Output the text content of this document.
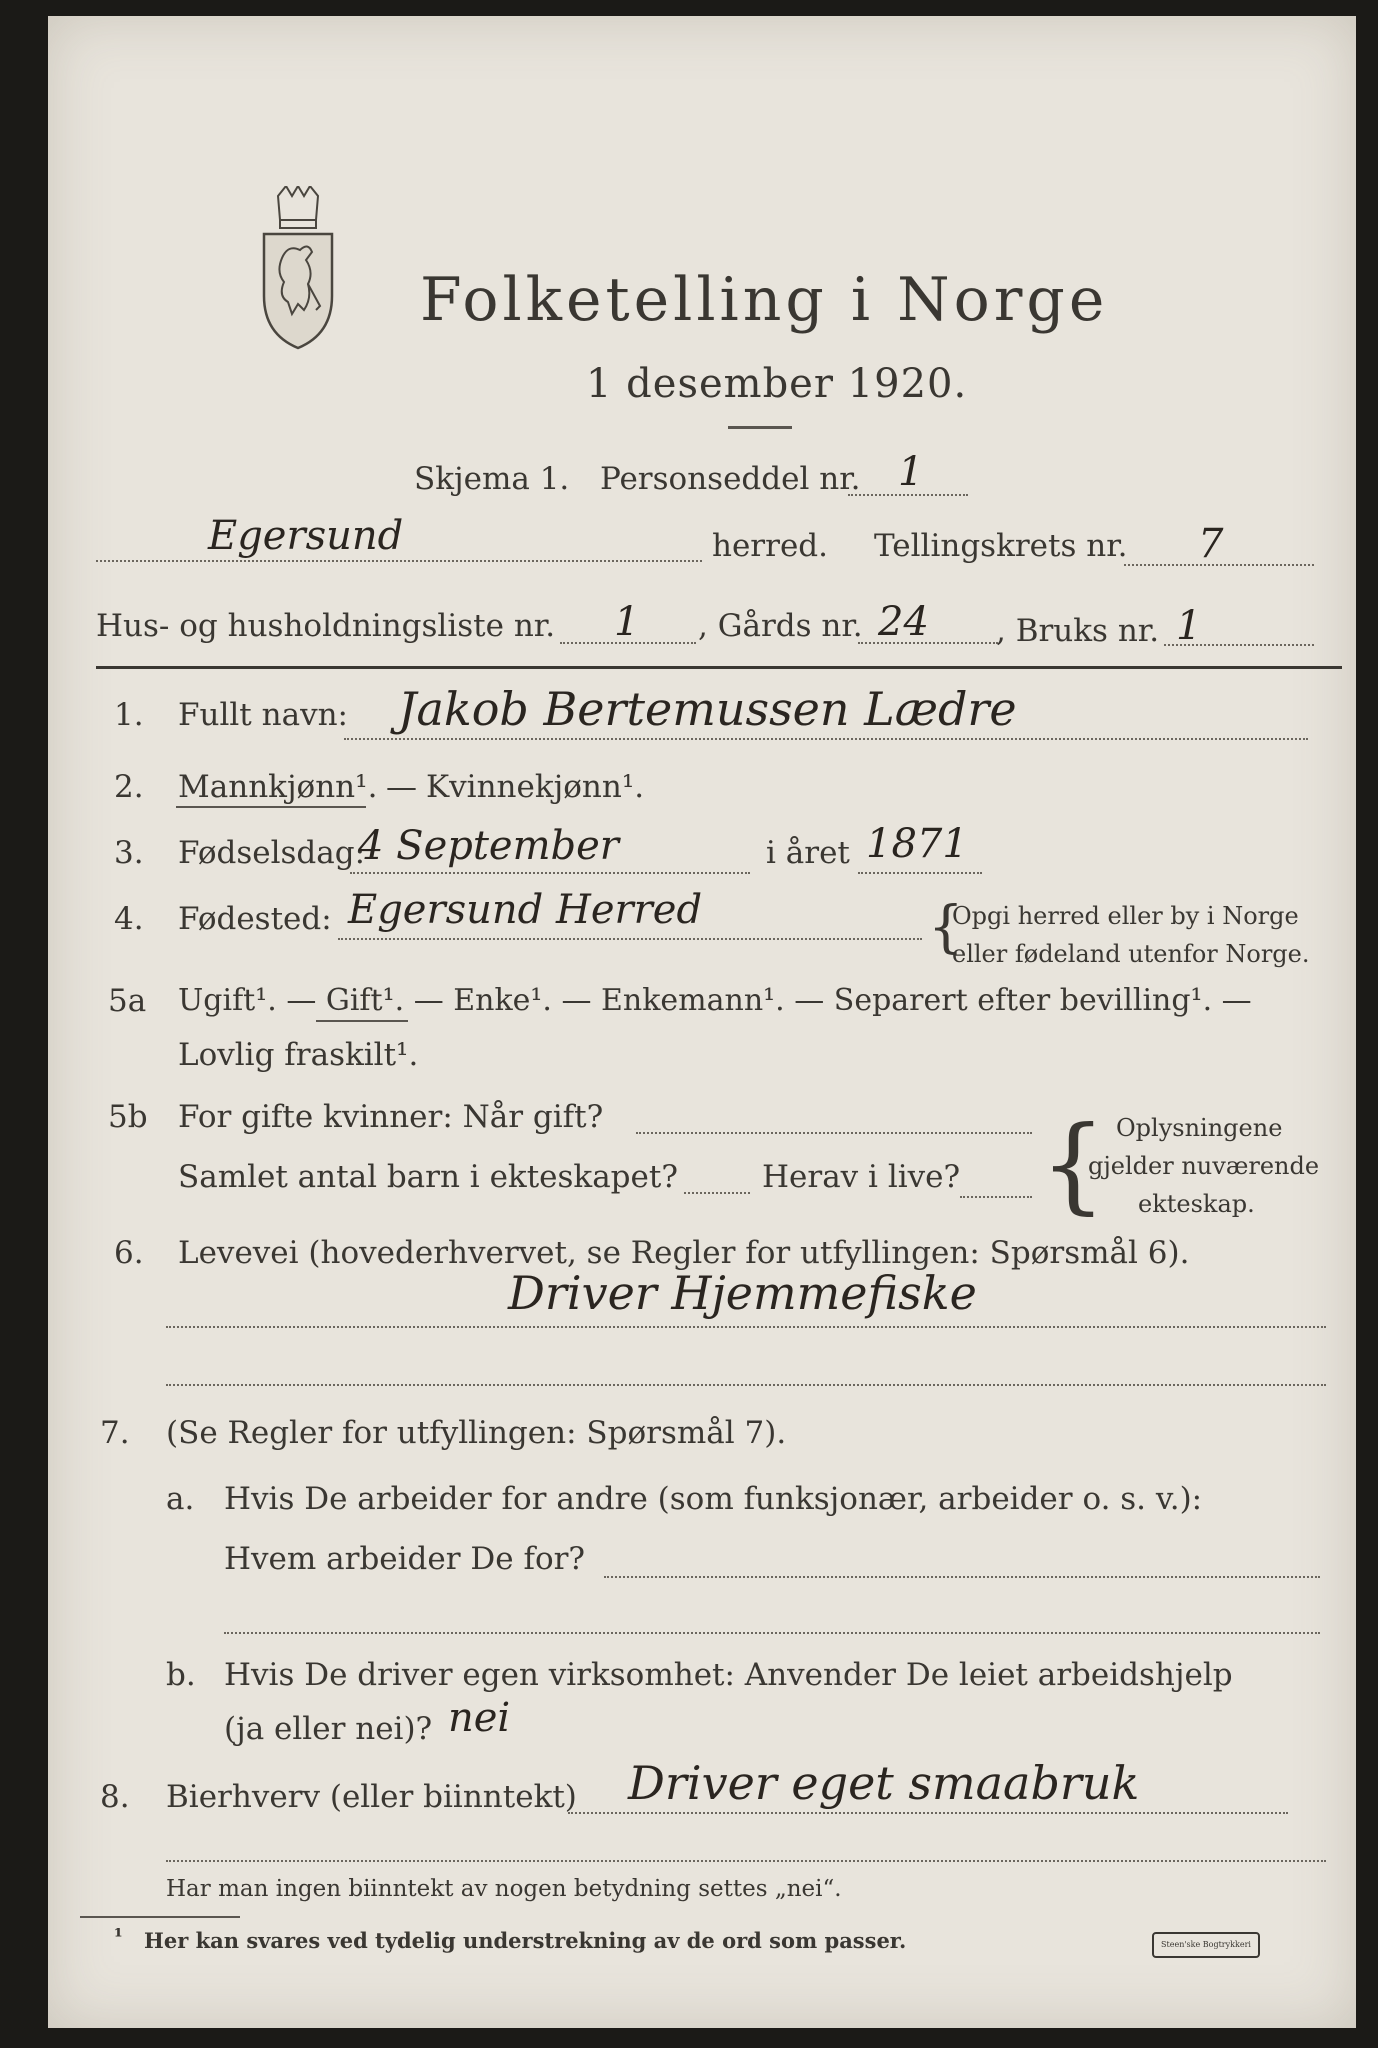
Folketelling i Norge
1 desember 1920.
Skjema 1. Personseddel nr. 1
Egersund	herred. Tellingskrets nr. 7
Hus- og husholdningsliste nr. 1 , Gårds nr. 24 , Bruks nr. 1
1. Fullt navn: Jakob Bertemussen Lædre
2. Mannkjønn¹. — Kvinnekjønn¹.
3. Fødselsdag:
4 September	i året 1871
4. Fødested: Egersund Herred	{
Opgi herred eller by i Norge
eller fødeland utenfor Norge.
5a Ugift¹. — Gift¹. — Enke¹. — Enkemann¹. — Separert efter bevilling¹. —
Lovlig fraskilt¹.
5b For gifte kvinner: Når gift?
Samlet antal barn i ekteskapet?	Herav i live? { Oplysningene
gjelder nuværende
ekteskap.
6. Levevei (hovederhvervet, se Regler for utfyllingen: Spørsmål 6).
Driver Hjemmefiske
7. (Se Regler for utfyllingen: Spørsmål 7).
a. Hvis De arbeider for andre (som funksjonær, arbeider o. s. v.):
Hvem arbeider De for?
b. Hvis De driver egen virksomhet: Anvender De leiet arbeidshjelp
(ja eller nei)? nei
8. Bierhverv (eller biinntekt) Driver eget smaabruk
Har man ingen biinntekt av nogen betydning settes „nei“.
¹ Her kan svares ved tydelig understrekning av de ord som passer.	Steen'ske Bogtrykkeri
